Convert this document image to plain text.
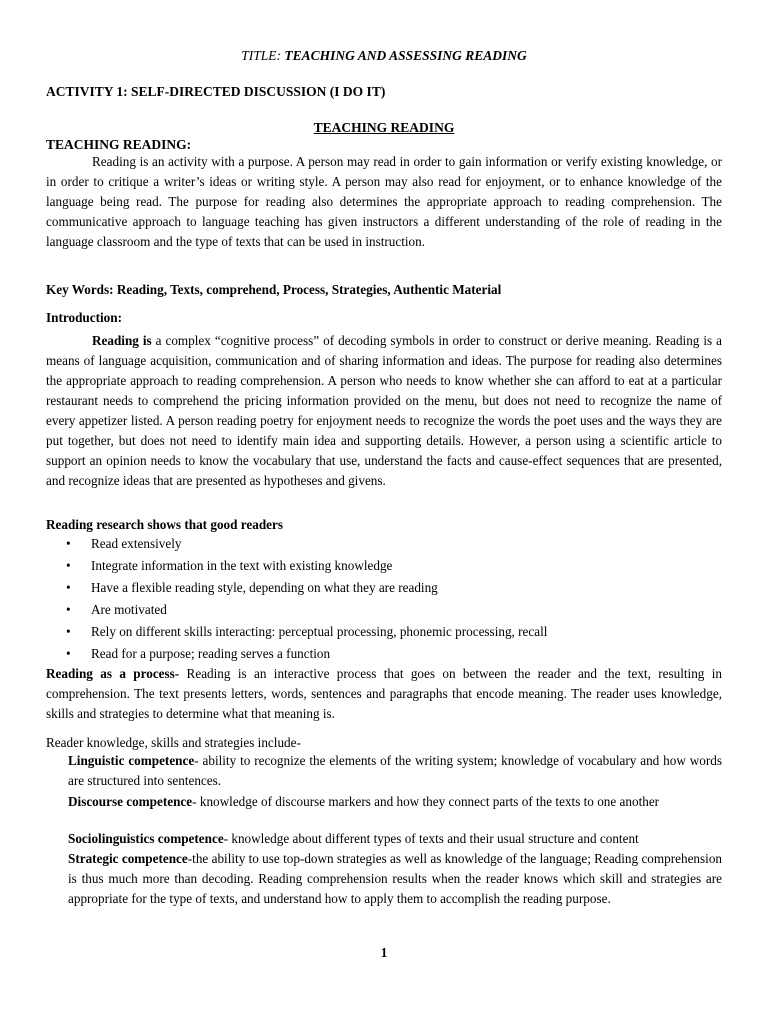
TITLE: TEACHING AND ASSESSING READING
ACTIVITY 1: SELF-DIRECTED DISCUSSION (I DO IT)
TEACHING READING
TEACHING READING:
Reading is an activity with a purpose. A person may read in order to gain information or verify existing knowledge, or in order to critique a writer’s ideas or writing style. A person may also read for enjoyment, or to enhance knowledge of the language being read. The purpose for reading also determines the appropriate approach to reading comprehension. The communicative approach to language teaching has given instructors a different understanding of the role of reading in the language classroom and the type of texts that can be used in instruction.
Key Words: Reading, Texts, comprehend, Process, Strategies, Authentic Material
Introduction:
Reading is a complex “cognitive process” of decoding symbols in order to construct or derive meaning. Reading is a means of language acquisition, communication and of sharing information and ideas. The purpose for reading also determines the appropriate approach to reading comprehension. A person who needs to know whether she can afford to eat at a particular restaurant needs to comprehend the pricing information provided on the menu, but does not need to recognize the name of every appetizer listed. A person reading poetry for enjoyment needs to recognize the words the poet uses and the ways they are put together, but does not need to identify main idea and supporting details. However, a person using a scientific article to support an opinion needs to know the vocabulary that use, understand the facts and cause-effect sequences that are presented, and recognize ideas that are presented as hypotheses and givens.
Reading research shows that good readers
• Read extensively
• Integrate information in the text with existing knowledge
• Have a flexible reading style, depending on what they are reading
• Are motivated
• Rely on different skills interacting: perceptual processing, phonemic processing, recall
• Read for a purpose; reading serves a function
Reading as a process- Reading is an interactive process that goes on between the reader and the text, resulting in comprehension. The text presents letters, words, sentences and paragraphs that encode meaning. The reader uses knowledge, skills and strategies to determine what that meaning is.
Reader knowledge, skills and strategies include-
Linguistic competence- ability to recognize the elements of the writing system; knowledge of vocabulary and how words are structured into sentences.
Discourse competence- knowledge of discourse markers and how they connect parts of the texts to one another
Sociolinguistics competence- knowledge about different types of texts and their usual structure and content
Strategic competence-the ability to use top-down strategies as well as knowledge of the language; Reading comprehension is thus much more than decoding. Reading comprehension results when the reader knows which skill and strategies are appropriate for the type of texts, and understand how to apply them to accomplish the reading purpose.
1
